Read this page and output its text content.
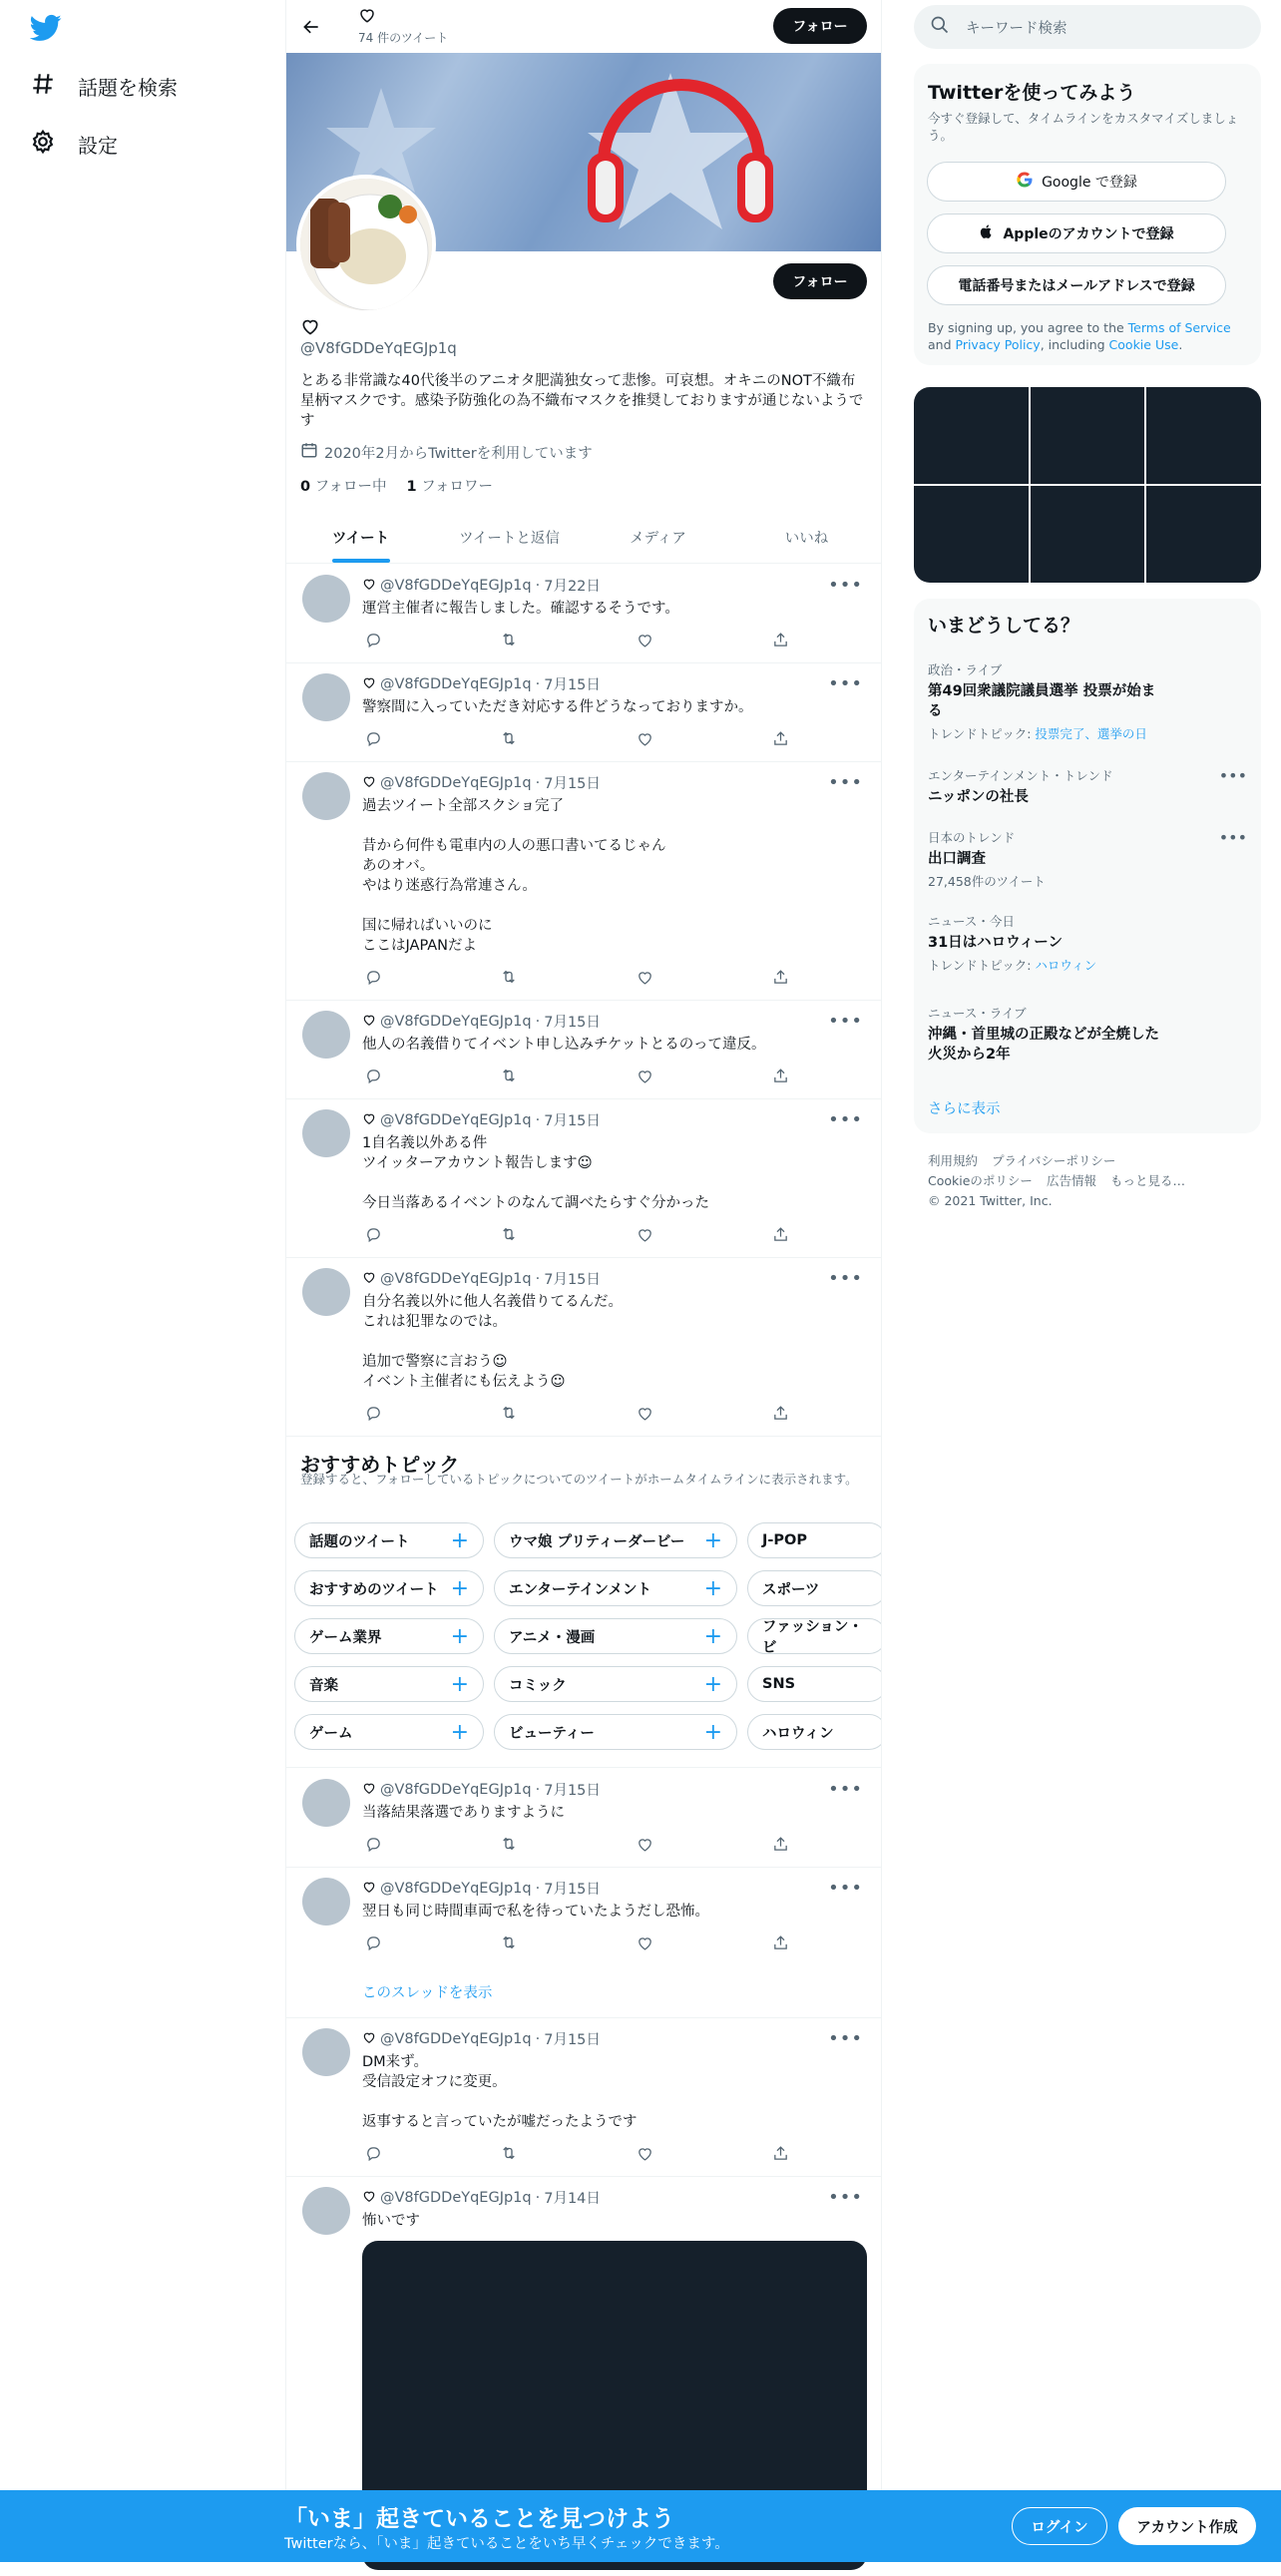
話題を検索
設定
74 件のツイート
フォロー
フォロー
@V8fGDDeYqEGJp1q
とある非常識な40代後半のアニオタ肥満独女って悲惨。可哀想。オキニのNOT不織布星柄マスクです。感染予防強化の為不織布マスクを推奨しておりますが通じないようです
2020年2月からTwitterを利用しています
0 フォロー中 1 フォロワー
ツイート	ツイートと返信	メディア	いいね
@V8fGDDeYqEGJp1q · 7月22日	•••
運営主催者に報告しました。確認するそうです。
@V8fGDDeYqEGJp1q · 7月15日	•••
警察間に入っていただき対応する件どうなっておりますか。
@V8fGDDeYqEGJp1q · 7月15日	•••
過去ツイート全部スクショ完了

昔から何件も電車内の人の悪口書いてるじゃん
あのオバ。
やはり迷惑行為常連さん。

国に帰ればいいのに
ここはJAPANだよ
@V8fGDDeYqEGJp1q · 7月15日	•••
他人の名義借りてイベント申し込みチケットとるのって違反。
@V8fGDDeYqEGJp1q · 7月15日	•••
1自名義以外ある件
ツイッターアカウント報告します☺

今日当落あるイベントのなんて調べたらすぐ分かった
@V8fGDDeYqEGJp1q · 7月15日	•••
自分名義以外に他人名義借りてるんだ。
これは犯罪なのでは。

追加で警察に言おう☺
イベント主催者にも伝えよう☺
@V8fGDDeYqEGJp1q · 7月15日	•••
当落結果落選でありますように
@V8fGDDeYqEGJp1q · 7月15日	•••
翌日も同じ時間車両で私を待っていたようだし恐怖。
このスレッドを表示
@V8fGDDeYqEGJp1q · 7月15日	•••
DM来ず。
受信設定オフに変更。

返事すると言っていたが嘘だったようです
@V8fGDDeYqEGJp1q · 7月14日	•••
怖いです
おすすめトピック
登録すると、フォローしているトピックについてのツイートがホームタイムラインに表示されます。
話題のツイート +	ウマ娘 プリティーダービー +	J-POP
おすすめのツイート +	エンターテインメント +	スポーツ
ゲーム業界	+	アニメ・漫画	+	ファッション・ビ
音楽	+	コミック	+	SNS
ゲーム	+	ビューティー	+	ハロウィン
キーワード検索
Twitterを使ってみよう
今すぐ登録して、タイムラインをカスタマイズしましょう。
Google で登録
Appleのアカウントで登録
電話番号またはメールアドレスで登録
By signing up, you agree to the Terms of Service and Privacy Policy, including Cookie Use.
いまどうしてる？
政治・ライブ
第49回衆議院議員選挙 投票が始まる
トレンドトピック: 投票完了、選挙の日
•••
エンターテインメント・トレンド
ニッポンの社長
•••
日本のトレンド
出口調査
27,458件のツイート
ニュース・今日
31日はハロウィーン
トレンドトピック: ハロウィン
ニュース・ライブ
沖縄・首里城の正殿などが全焼した火災から2年
さらに表示
利用規約 プライバシーポリシー
Cookieのポリシー 広告情報 もっと見る…
© 2021 Twitter, Inc.
「いま」起きていることを見つけよう
Twitterなら、「いま」起きていることをいち早くチェックできます。
ログイン	アカウント作成
